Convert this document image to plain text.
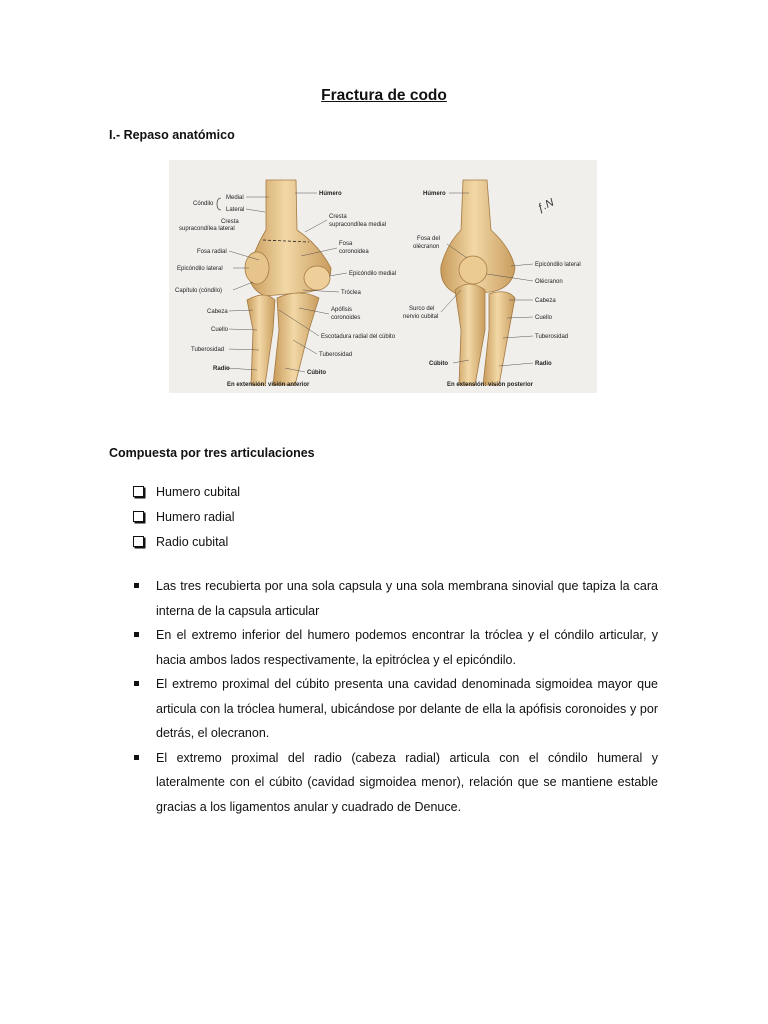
Fractura de codo
I.- Repaso anatómico
ƒ.N
Cóndilo
Medial
Lateral
Cresta
supracondílea lateral
Fosa radial
Epicóndilo lateral
Capítulo (cóndilo)
Cabeza
Cuello
Tuberosidad
Radio
Húmero
Cresta
supracondílea medial
Fosa
coronoidea
Epicóndilo medial
Tróclea
Apófisis
coronoides
Escotadura radial del cúbito
Tuberosidad
Cúbito
En extensión: visión anterior
Húmero
Fosa del
olécranon
Surco del
nervio cubital
Cúbito
Epicóndilo lateral
Olécranon
Cabeza
Cuello
Tuberosidad
Radio
En extensión: visión posterior
Compuesta por tres articulaciones
Humero cubital
Humero radial
Radio cubital
Las tres recubierta por una sola capsula y una sola membrana sinovial que tapiza la cara interna de la capsula articular
En el extremo inferior del humero podemos encontrar la tróclea y el cóndilo articular, y hacia ambos lados respectivamente, la epitróclea y el epicóndilo.
El extremo proximal del cúbito presenta una cavidad denominada sigmoidea mayor que articula con la tróclea humeral, ubicándose por delante de ella la apófisis coronoides y por detrás, el olecranon.
El extremo proximal del radio (cabeza radial) articula con el cóndilo humeral y lateralmente con el cúbito (cavidad sigmoidea menor), relación que se mantiene estable gracias a los ligamentos anular y cuadrado de Denuce.
